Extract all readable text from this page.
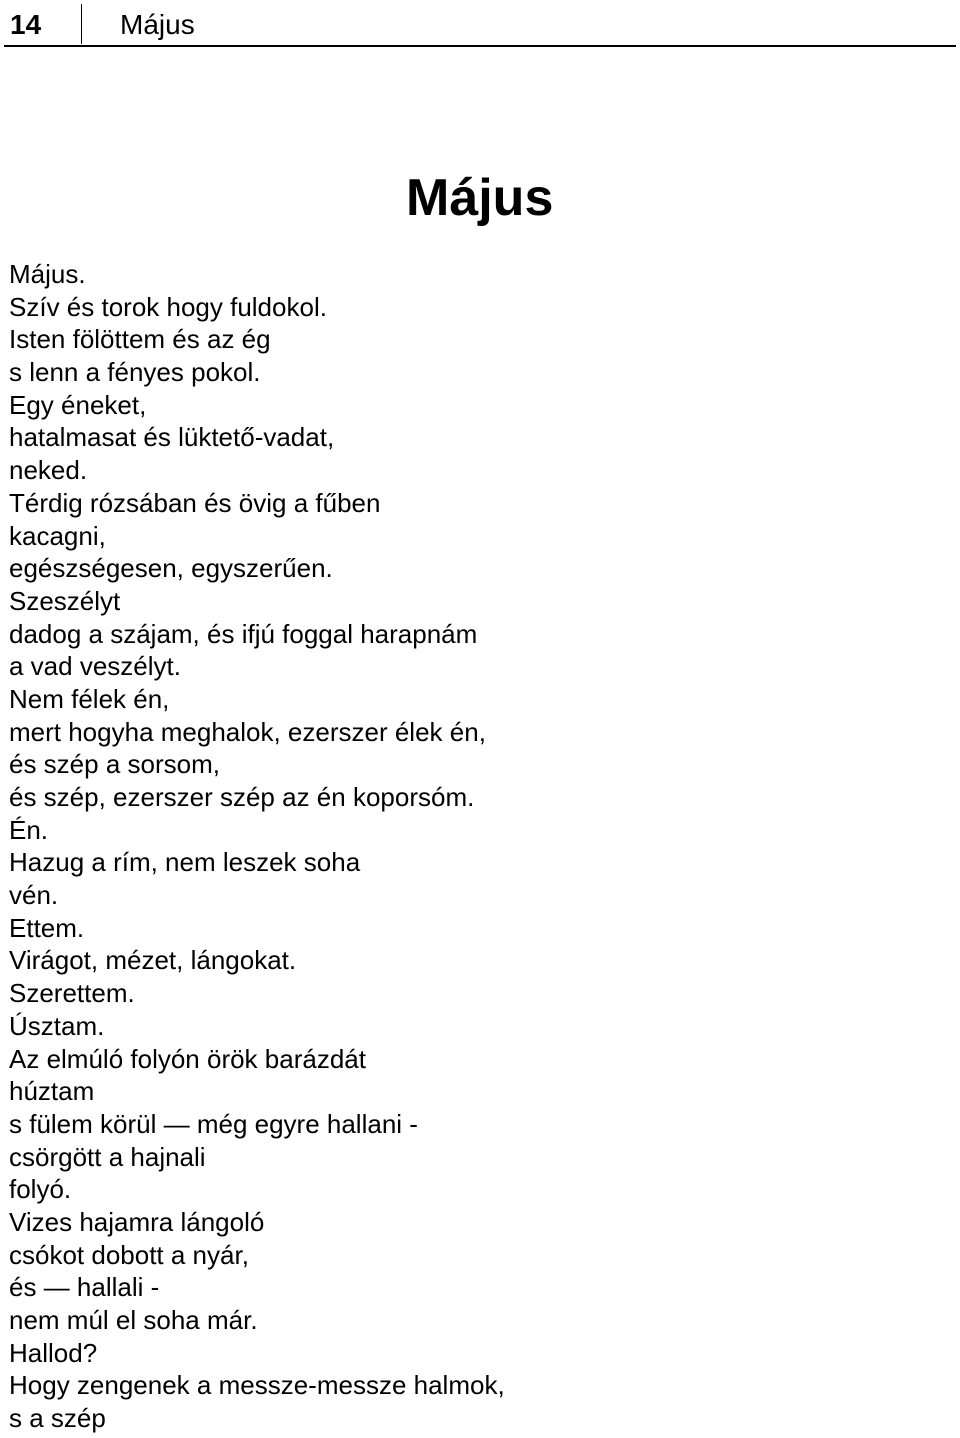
14	Május
Május
Május.
Szív és torok hogy fuldokol.
Isten fölöttem és az ég
s lenn a fényes pokol.
Egy éneket,
hatalmasat és lüktető-vadat,
neked.
Térdig rózsában és övig a fűben
kacagni,
egészségesen, egyszerűen.
Szeszélyt
dadog a szájam, és ifjú foggal harapnám
a vad veszélyt.
Nem félek én,
mert hogyha meghalok, ezerszer élek én,
és szép a sorsom,
és szép, ezerszer szép az én koporsóm.
Én.
Hazug a rím, nem leszek soha
vén.
Ettem.
Virágot, mézet, lángokat.
Szerettem.
Úsztam.
Az elmúló folyón örök barázdát
húztam
s fülem körül — még egyre hallani -
csörgött a hajnali
folyó.
Vizes hajamra lángoló
csókot dobott a nyár,
és — hallali -
nem múl el soha már.
Hallod?
Hogy zengenek a messze-messze halmok,
s a szép
